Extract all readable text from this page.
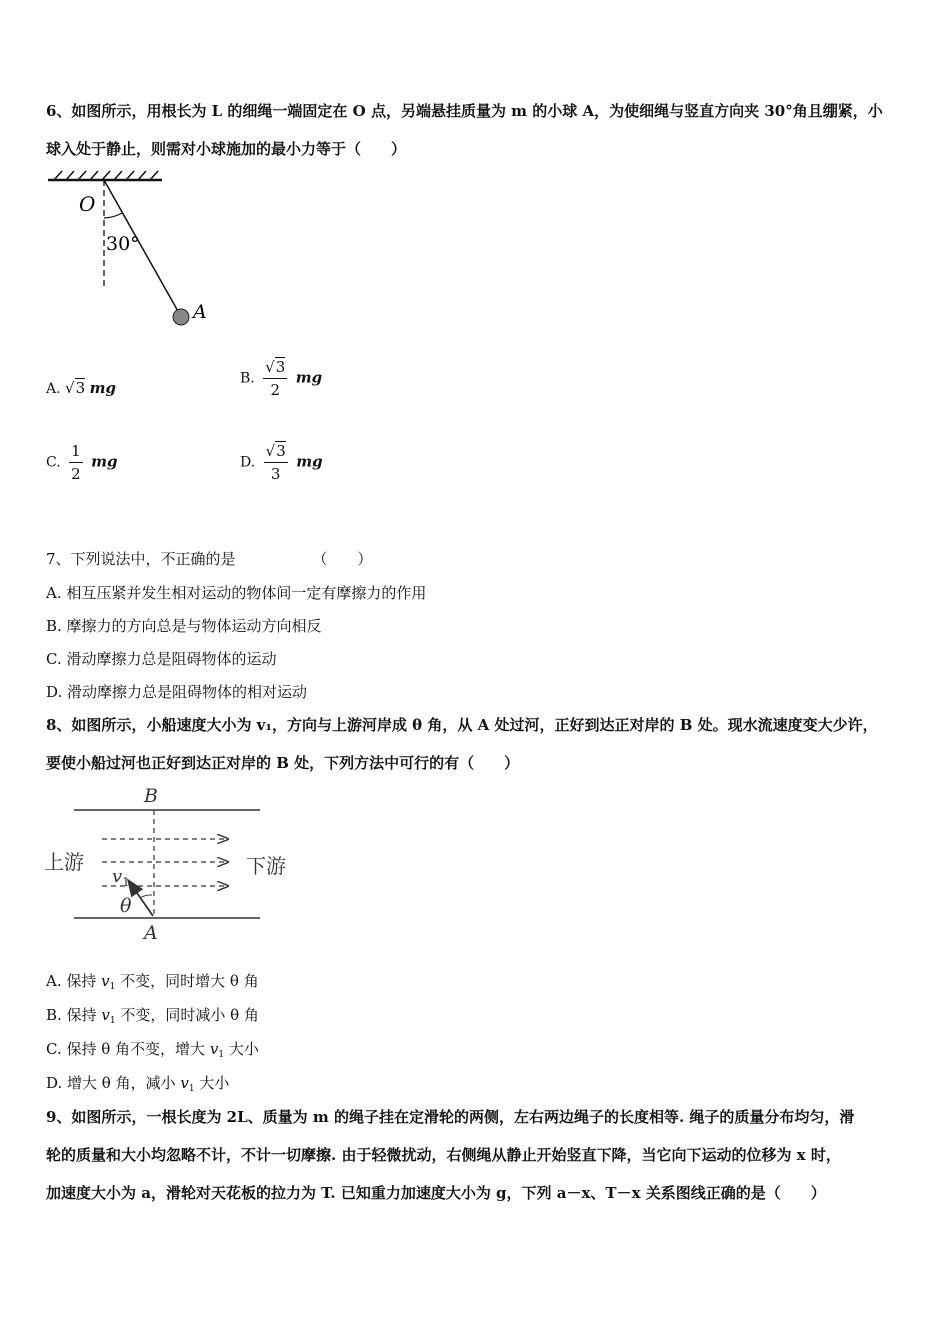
6、如图所示，用根长为 L 的细绳一端固定在 O 点，另端悬挂质量为 m 的小球 A，为使细绳与竖直方向夹 30°角且绷紧，小
球入处于静止，则需对小球施加的最小力等于（　　）
O
30°
A
A. √3 mg
B. $\frac{√3}{2}$ mg
C. $\frac{1}{2}$ mg	D. $\frac{√3}{3}$ mg
7、下列说法中，不正确的是	（　　）
A. 相互压紧并发生相对运动的物体间一定有摩擦力的作用
B. 摩擦力的方向总是与物体运动方向相反
C. 滑动摩擦力总是阻碍物体的运动
D. 滑动摩擦力总是阻碍物体的相对运动
8、如图所示，小船速度大小为 v₁，方向与上游河岸成 θ 角，从 A 处过河，正好到达正对岸的 B 处。现水流速度变大少许，
要使小船过河也正好到达正对岸的 B 处，下列方法中可行的有（　　）
B
A
上游	下游
$v_1$
θ
A. 保持 $v_1$ 不变，同时增大 θ 角
B. 保持 $v_1$ 不变，同时减小 θ 角
C. 保持 θ 角不变，增大 $v_1$ 大小
D. 增大 θ 角，减小 $v_1$ 大小
9、如图所示，一根长度为 2L、质量为 m 的绳子挂在定滑轮的两侧，左右两边绳子的长度相等. 绳子的质量分布均匀，滑
轮的质量和大小均忽略不计，不计一切摩擦. 由于轻微扰动，右侧绳从静止开始竖直下降，当它向下运动的位移为 x 时，
加速度大小为 a，滑轮对天花板的拉力为 T. 已知重力加速度大小为 g，下列 a－x、T－x 关系图线正确的是（　　）
